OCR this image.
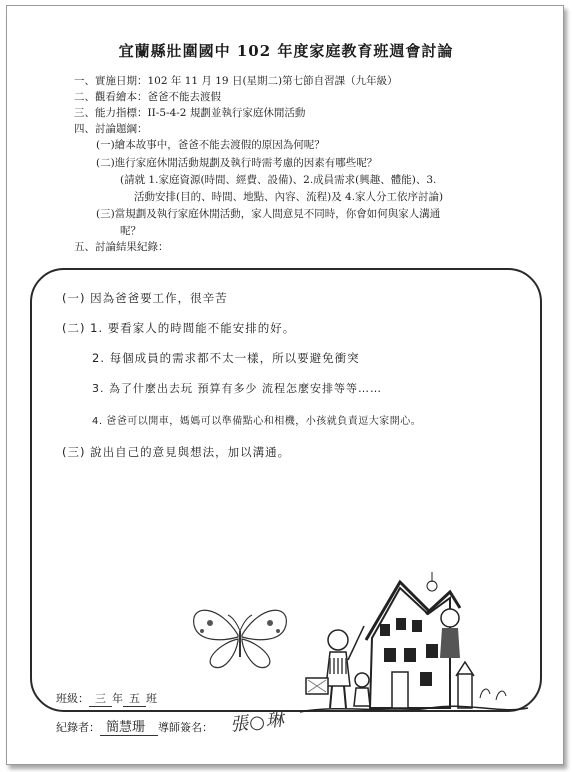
宜蘭縣壯圍國中 102 年度家庭教育班週會討論
一、實施日期：102 年 11 月 19 日(星期二)第七節自習課（九年級）
二、觀看繪本：爸爸不能去渡假
三、能力指標：II-5-4-2 規劃並執行家庭休閒活動
四、討論題綱：
(一)繪本故事中，爸爸不能去渡假的原因為何呢？
(二)進行家庭休閒活動規劃及執行時需考慮的因素有哪些呢？
(請就 1.家庭資源(時間、經費、設備)、2.成員需求(興趣、體能)、3.
活動安排(目的、時間、地點、內容、流程)及 4.家人分工依序討論)
(三)當規劃及執行家庭休閒活動，家人間意見不同時，你會如何與家人溝通
呢？
五、討論結果紀錄：
(一) 因為爸爸要工作，很辛苦
(二) 1. 要看家人的時間能不能安排的好。
2. 每個成員的需求都不太一樣，所以要避免衝突
3. 為了什麼出去玩 預算有多少 流程怎麼安排等等……
4. 爸爸可以開車，媽媽可以準備點心和相機，小孩就負責逗大家開心。
(三) 說出自己的意見與想法，加以溝通。
班級： 三 年 五 班
紀錄者： 簡慧珊 導師簽名： 張○琳
